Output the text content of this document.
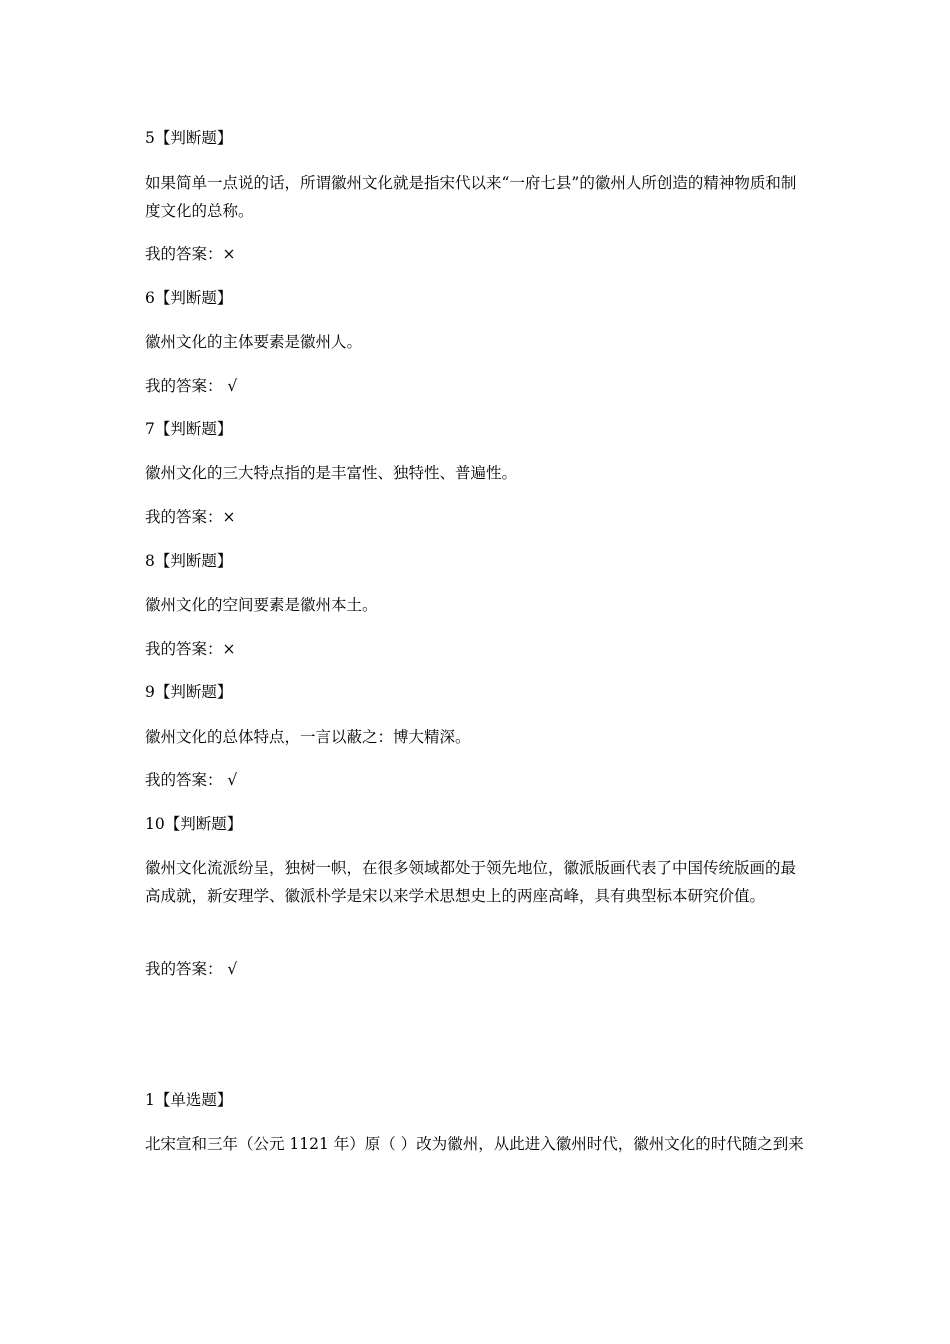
5【判断题】
如果简单一点说的话，所谓徽州文化就是指宋代以来“一府七县”的徽州人所创造的精神物质和制度文化的总称。
我的答案：×
6【判断题】
徽州文化的主体要素是徽州人。
我的答案： √
7【判断题】
徽州文化的三大特点指的是丰富性、独特性、普遍性。
我的答案：×
8【判断题】
徽州文化的空间要素是徽州本土。
我的答案：×
9【判断题】
徽州文化的总体特点，一言以蔽之：博大精深。
我的答案： √
10【判断题】
徽州文化流派纷呈，独树一帜，在很多领域都处于领先地位，徽派版画代表了中国传统版画的最高成就，新安理学、徽派朴学是宋以来学术思想史上的两座高峰，具有典型标本研究价值。
我的答案： √
1【单选题】
北宋宣和三年（公元 1121 年）原（ ）改为徽州，从此进入徽州时代，徽州文化的时代随之到来
